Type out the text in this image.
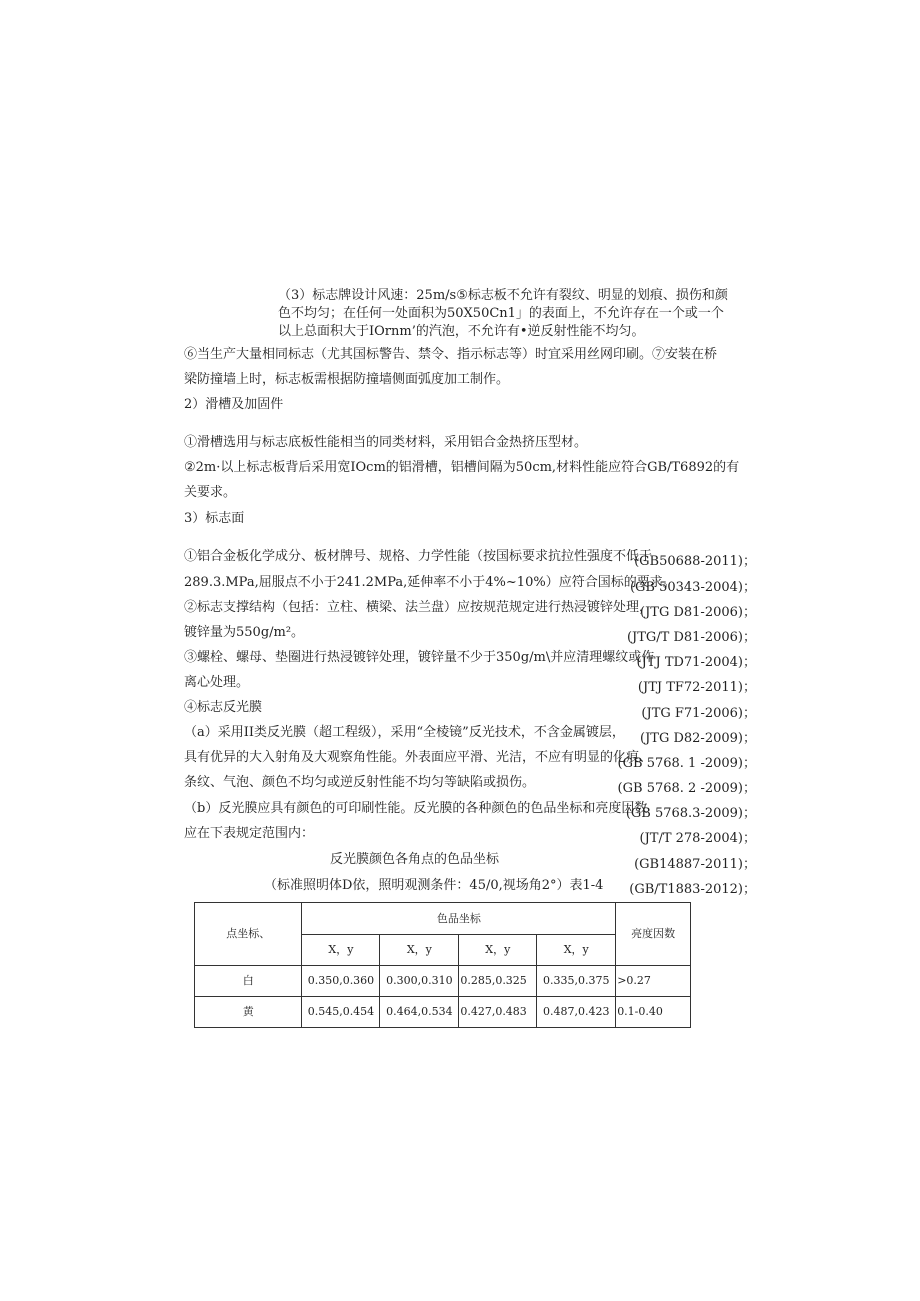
（3）标志牌设计风速：25m/s⑤标志板不允许有裂纹、明显的划痕、损伤和颜
色不均匀；在任何一处面积为50X50Cn1」的表面上，不允许存在一个或一个
以上总面积大于IOrnm’的汽泡，不允许有•逆反射性能不均匀。
⑥当生产大量相同标志（尤其国标警告、禁令、指示标志等）时宜采用丝网印刷。⑦安装在桥
梁防撞墙上时，标志板需根据防撞墙侧面弧度加工制作。
2）滑槽及加固件
①滑槽选用与标志底板性能相当的同类材料，采用铝合金热挤压型材。
②2m·以上标志板背后采用宽IOcm的铝滑槽，铝槽间隔为50cm,材料性能应符合GB/T6892的有
关要求。
3）标志面
①铝合金板化学成分、板材牌号、规格、力学性能（按国标要求抗拉性强度不低于
289.3.MPa,屈服点不小于241.2MPa,延伸率不小于4%~10%）应符合国标的要求。
②标志支撑结构（包括：立柱、横梁、法兰盘）应按规范规定进行热浸镀锌处理，
镀锌量为550g∕m²。
③螺栓、螺母、垫圈进行热浸镀锌处理，镀锌量不少于350g/m\并应清理螺纹或作
离心处理。
④标志反光膜
（a）采用II类反光膜（超工程级），采用“全棱镜”反光技术，不含金属镀层，
具有优异的大入射角及大观察角性能。外表面应平滑、光洁，不应有明显的化痕、
条纹、气泡、颜色不均匀或逆反射性能不均匀等缺陷或损伤。
（b）反光膜应具有颜色的可印刷性能。反光膜的各种颜色的色品坐标和亮度因数
应在下表规定范围内：
反光膜颜色各角点的色品坐标
（标准照明体D依，照明观测条件：45/0,视场角2°）表1-4
(GB50688-2011)；
(GB 50343-2004)；
(JTG D81-2006)；
(JTG/T D81-2006)；
(JTJ TD71-2004)；
(JTJ TF72-2011)；
(JTG F71-2006)；
(JTG D82-2009)；
(GB 5768. 1 -2009)；
(GB 5768. 2 -2009)；
(GB 5768.3-2009)；
(JT/T 278-2004)；
(GB14887-2011)；
(GB/T1883-2012)；
点坐标、	色品坐标				亮度因数
	X，y	X，y	X，y	X，y	
白	0.350,0.360	0.300,0.310	0.285,0.325	0.335,0.375	>0.27
黄	0.545,0.454	0.464,0.534	0.427,0.483	0.487,0.423	0.1-0.40
